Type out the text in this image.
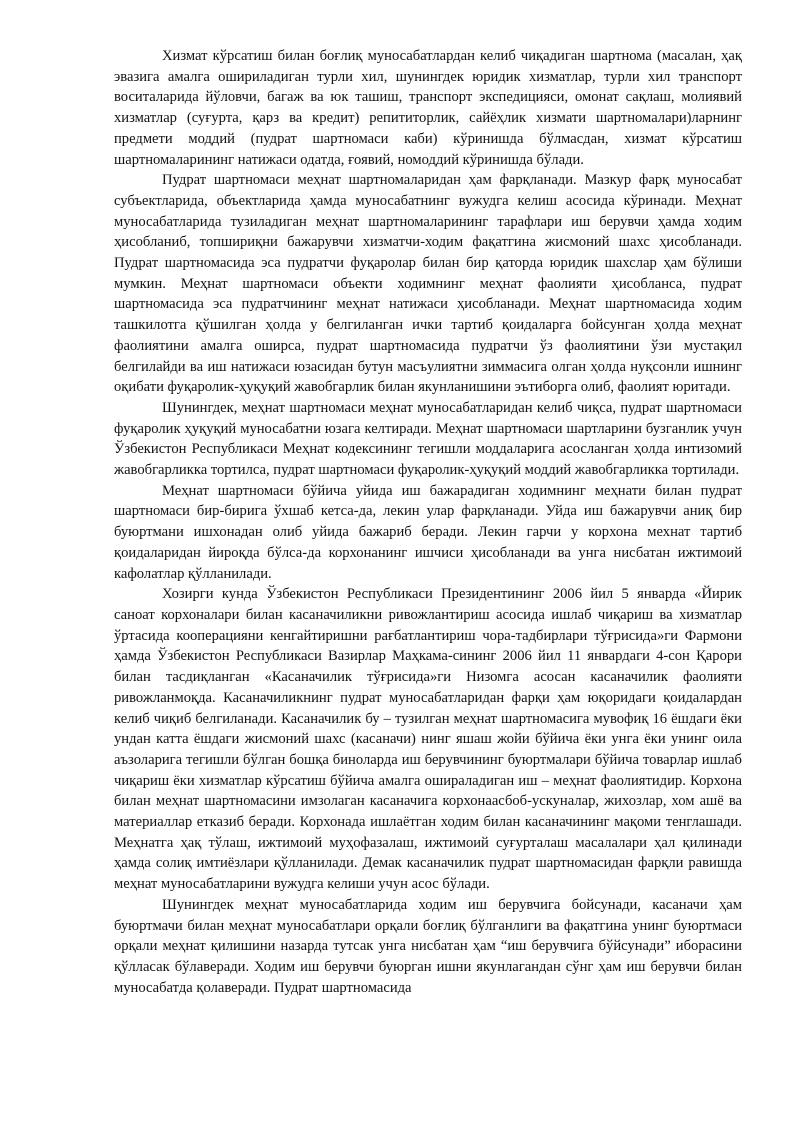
Хизмат кўрсатиш билан боғлиқ муносабатлардан келиб чиқадиган шартнома (масалан, ҳақ эвазига амалга ошириладиган турли хил, шунингдек юридик хизматлар, турли хил транспорт воситаларида йўловчи, багаж ва юк ташиш, транспорт экспедицияси, омонат сақлаш, молиявий хизматлар (суғурта, қарз ва кредит) репититорлик, сайёҳлик хизмати шартномалари)ларнинг предмети моддий (пудрат шартномаси каби) кўринишда бўлмасдан, хизмат кўрсатиш шартномаларининг натижаси одатда, ғоявий, номоддий кўринишда бўлади.

Пудрат шартномаси меҳнат шартномаларидан ҳам фарқланади. Мазкур фарқ муносабат субъектларида, объектларида ҳамда муносабатнинг вужудга келиш асосида кўринади. Меҳнат муносабатларида тузиладиган меҳнат шартномаларининг тарафлари иш берувчи ҳамда ходим ҳисобланиб, топшириқни бажарувчи хизматчи-ходим фақатгина жисмоний шахс ҳисобланади. Пудрат шартномасида эса пудратчи фуқаролар билан бир қаторда юридик шахслар ҳам бўлиши мумкин. Меҳнат шартномаси объекти ходимнинг меҳнат фаолияти ҳисобланса, пудрат шартномасида эса пудратчининг меҳнат натижаси ҳисобланади. Меҳнат шартномасида ходим ташкилотга қўшилган ҳолда у белгиланган ички тартиб қоидаларга бойсунган ҳолда меҳнат фаолиятини амалга оширса, пудрат шартномасида пудратчи ўз фаолиятини ўзи мустақил белгилайди ва иш натижаси юзасидан бутун масъулиятни зиммасига олган ҳолда нуқсонли ишнинг оқибати фуқаролик-ҳуқуқий жавобгарлик билан якунланишини эътиборга олиб, фаолият юритади.

Шунингдек, меҳнат шартномаси меҳнат муносабатларидан келиб чиқса, пудрат шартномаси фуқаролик ҳуқуқий муносабатни юзага келтиради. Меҳнат шартномаси шартларини бузганлик учун Ўзбекистон Республикаси Меҳнат кодексининг тегишли моддаларига асосланган ҳолда интизомий жавобгарликка тортилса, пудрат шартномаси фуқаролик-ҳуқуқий моддий жавобгарликка тортилади.

Меҳнат шартномаси бўйича уйида иш бажарадиган ходимнинг меҳнати билан пудрат шартномаси бир-бирига ўхшаб кетса-да, лекин улар фарқланади. Уйда иш бажарувчи аниқ бир буюртмани ишхонадан олиб уйида бажариб беради. Лекин гарчи у корхона мехнат тартиб қоидаларидан йироқда бўлса-да корхонанинг ишчиси ҳисобланади ва унга нисбатан ижтимоий кафолатлар қўлланилади.

Хозирги кунда Ўзбекистон Республикаси Президентининг 2006 йил 5 январда «Йирик саноат корхоналари билан касаначиликни ривожлантириш асосида ишлаб чиқариш ва хизматлар ўртасида кооперацияни кенгайтиришни рағбатлантириш чора-тадбирлари тўғрисида»ги Фармони ҳамда Ўзбекистон Республикаси Вазирлар Маҳкама-сининг 2006 йил 11 январдаги 4-сон Қарори билан тасдиқланган «Касаначилик тўғрисида»ги Низомга асосан касаначилик фаолияти ривожланмоқда. Касаначиликнинг пудрат муносабатларидан фарқи ҳам юқоридаги қоидалардан келиб чиқиб белгиланади. Касаначилик бу – тузилган меҳнат шартномасига мувофиқ 16 ёшдаги ёки ундан катта ёшдаги жисмоний шахс (касаначи) нинг яшаш жойи бўйича ёки унга ёки унинг оила аъзоларига тегишли бўлган бошқа биноларда иш берувчининг буюртмалари бўйича товарлар ишлаб чиқариш ёки хизматлар кўрсатиш бўйича амалга ошираладиган иш – меҳнат фаолиятидир. Корхона билан меҳнат шартномасини имзолаган касаначига корхонаасбоб-ускуналар, жихозлар, хом ашё ва материаллар етказиб беради. Корхонада ишлаётган ходим билан касаначининг мақоми тенглашади. Меҳнатга ҳақ тўлаш, ижтимоий муҳофазалаш, ижтимоий суғурталаш масалалари ҳал қилинади ҳамда солиқ имтиёзлари қўлланилади. Демак касаначилик пудрат шартномасидан фарқли равишда меҳнат муносабатларини вужудга келиши учун асос бўлади.

Шунингдек меҳнат муносабатларида ходим иш берувчига бойсунади, касаначи ҳам буюртмачи билан меҳнат муносабатлари орқали боғлиқ бўлганлиги ва фақатгина унинг буюртмаси орқали меҳнат қилишини назарда тутсак унга нисбатан ҳам “иш берувчига бўйсунади” иборасини қўлласак бўлаверади. Ходим иш берувчи буюрган ишни якунлагандан сўнг ҳам иш берувчи билан муносабатда қолаверади. Пудрат шартномасида
